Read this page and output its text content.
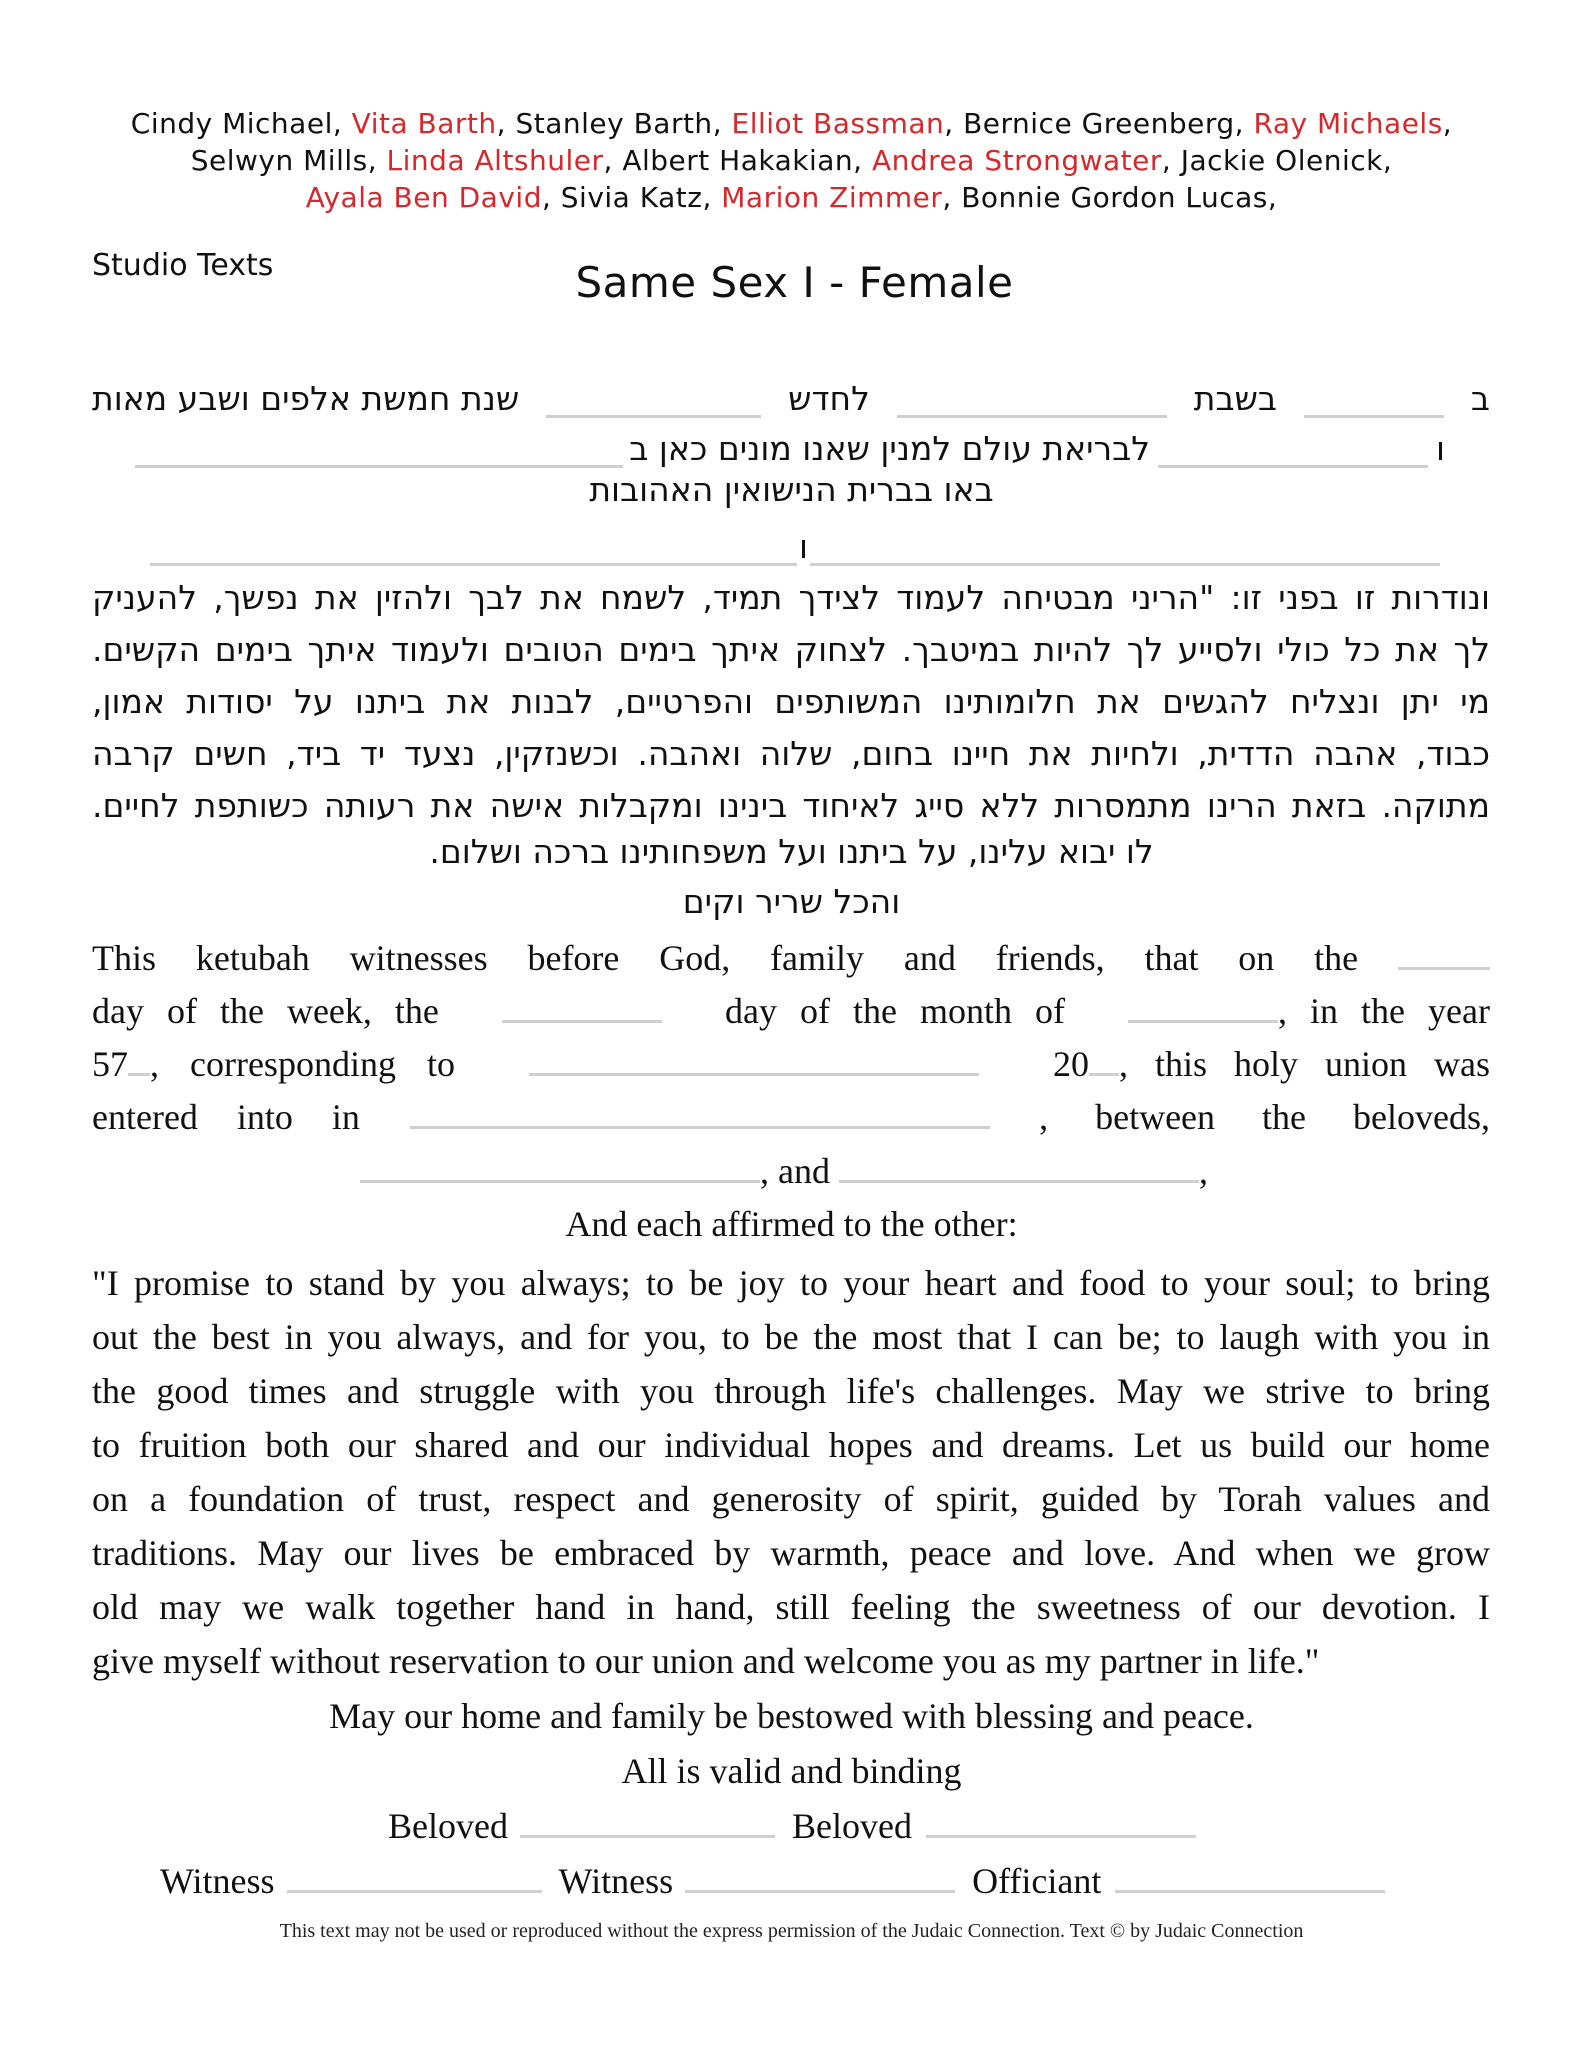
Cindy Michael, Vita Barth, Stanley Barth, Elliot Bassman, Bernice Greenberg, Ray Michaels,
Selwyn Mills, Linda Altshuler, Albert Hakakian, Andrea Strongwater, Jackie Olenick,
Ayala Ben David, Sivia Katz, Marion Zimmer, Bonnie Gordon Lucas,
Studio Texts	Same Sex I - Female
ב
בשבת
לחדש
שנת חמשת אלפים ושבע מאות
ו
לבריאת עולם למנין שאנו מונים כאן ב
באו בברית הנישואין האהובות
ו
ונודרות זו בפני זו: "הריני מבטיחה לעמוד לצידך תמיד, לשמח את לבך ולהזין את נפשך, להעניק
לך את כל כולי ולסייע לך להיות במיטבך. לצחוק איתך בימים הטובים ולעמוד איתך בימים הקשים.
מי יתן ונצליח להגשים את חלומותינו המשותפים והפרטיים, לבנות את ביתנו על יסודות אמון,
כבוד, אהבה הדדית, ולחיות את חיינו בחום, שלוה ואהבה. וכשנזקין, נצעד יד ביד, חשים קרבה
מתוקה. בזאת הרינו מתמסרות ללא סייג לאיחוד בינינו ומקבלות אישה את רעותה כשותפת לחיים.
לו יבוא עלינו, על ביתנו ועל משפחותינו ברכה ושלום.
והכל שריר וקים
This ketubah witnesses before God, family and friends, that on the
day of the week, the	day of the month of	, in the year
57 , corresponding to	20 , this holy union was
entered into in	, between the beloveds,
, and	,
And each affirmed to the other:
"I promise to stand by you always; to be joy to your heart and food to your soul; to bring
out the best in you always, and for you, to be the most that I can be; to laugh with you in
the good times and struggle with you through life's challenges. May we strive to bring
to fruition both our shared and our individual hopes and dreams. Let us build our home
on a foundation of trust, respect and generosity of spirit, guided by Torah values and
traditions. May our lives be embraced by warmth, peace and love. And when we grow
old may we walk together hand in hand, still feeling the sweetness of our devotion. I
give myself without reservation to our union and welcome you as my partner in life."
May our home and family be bestowed with blessing and peace.
All is valid and binding
Beloved	Beloved
Witness	Witness	Officiant
This text may not be used or reproduced without the express permission of the Judaic Connection. Text © by Judaic Connection
